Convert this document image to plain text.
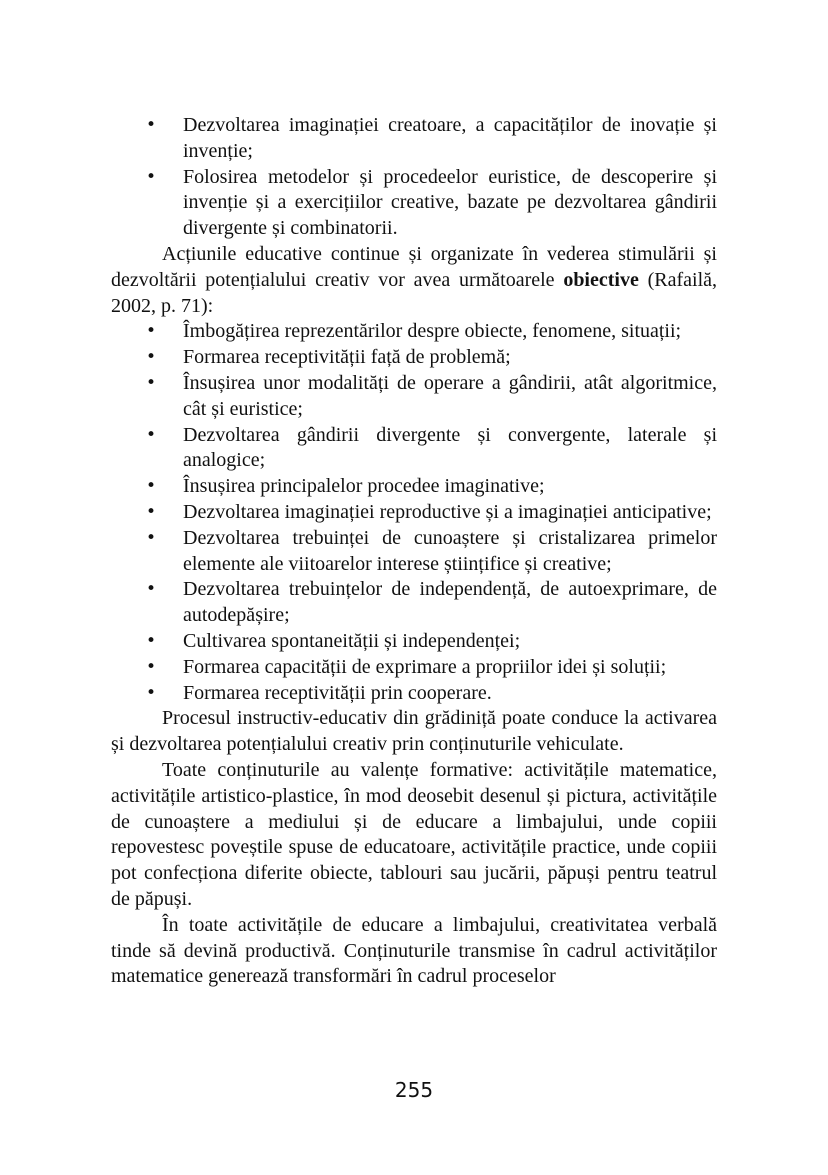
• Dezvoltarea imaginației creatoare, a capacităților de inovație și invenție;
• Folosirea metodelor și procedeelor euristice, de descoperire și invenție și a exercițiilor creative, bazate pe dezvoltarea gândirii divergente și combinatorii.

Acțiunile educative continue și organizate în vederea stimulării și dezvoltării potențialului creativ vor avea următoarele obiective (Rafailă, 2002, p. 71):

• Îmbogățirea reprezentărilor despre obiecte, fenomene, situații;
• Formarea receptivității față de problemă;
• Însușirea unor modalități de operare a gândirii, atât algoritmice, cât și euristice;
• Dezvoltarea gândirii divergente și convergente, laterale și analogice;
• Însușirea principalelor procedee imaginative;
• Dezvoltarea imaginației reproductive și a imaginației anticipative;
• Dezvoltarea trebuinței de cunoaștere și cristalizarea primelor elemente ale viitoarelor interese științifice și creative;
• Dezvoltarea trebuințelor de independență, de autoexprimare, de autodepășire;
• Cultivarea spontaneității și independenței;
• Formarea capacității de exprimare a propriilor idei și soluții;
• Formarea receptivității prin cooperare.

Procesul instructiv-educativ din grădiniță poate conduce la activarea și dezvoltarea potențialului creativ prin conținuturile vehiculate.

Toate conținuturile au valențe formative: activitățile matematice, activitățile artistico-plastice, în mod deosebit desenul și pictura, activitățile de cunoaștere a mediului și de educare a limbajului, unde copiii repovestesc poveștile spuse de educatoare, activitățile practice, unde copiii pot confecționa diferite obiecte, tablouri sau jucării, păpuși pentru teatrul de păpuși.

În toate activitățile de educare a limbajului, creativitatea verbală tinde să devină productivă. Conținuturile transmise în cadrul activităților matematice generează transformări în cadrul proceselor

255
